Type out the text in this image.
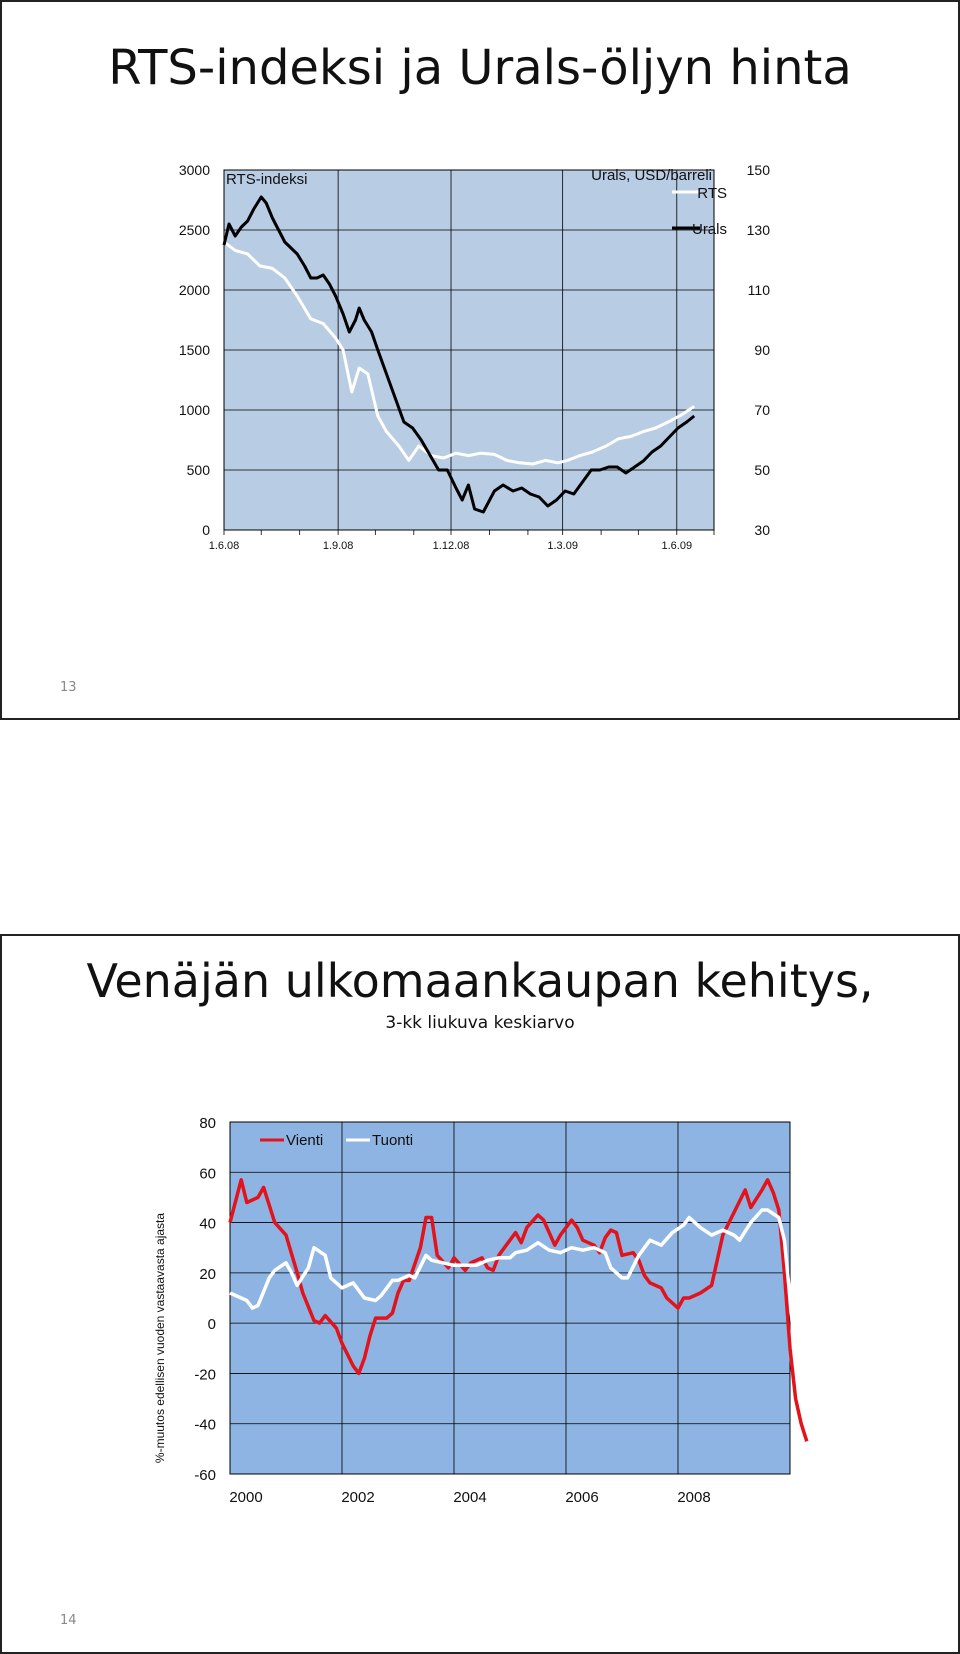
RTS-indeksi ja Urals-öljyn hinta
0
500
1000
1500
2000
2500
3000
30
50
70
90
110
130
150
1.6.08	1.9.08	1.12.08	1.3.09	1.6.09
RTS-indeksi	Urals, USD/barreli
RTS
Urals
13
Venäjän ulkomaankaupan kehitys,
3-kk liukuva keskiarvo
80
60
40
20
0
-20
-40
-60
2000	2002	2004	2006	2008
%-muutos edellisen vuoden vastaavasta ajasta
Vienti	Tuonti
14
